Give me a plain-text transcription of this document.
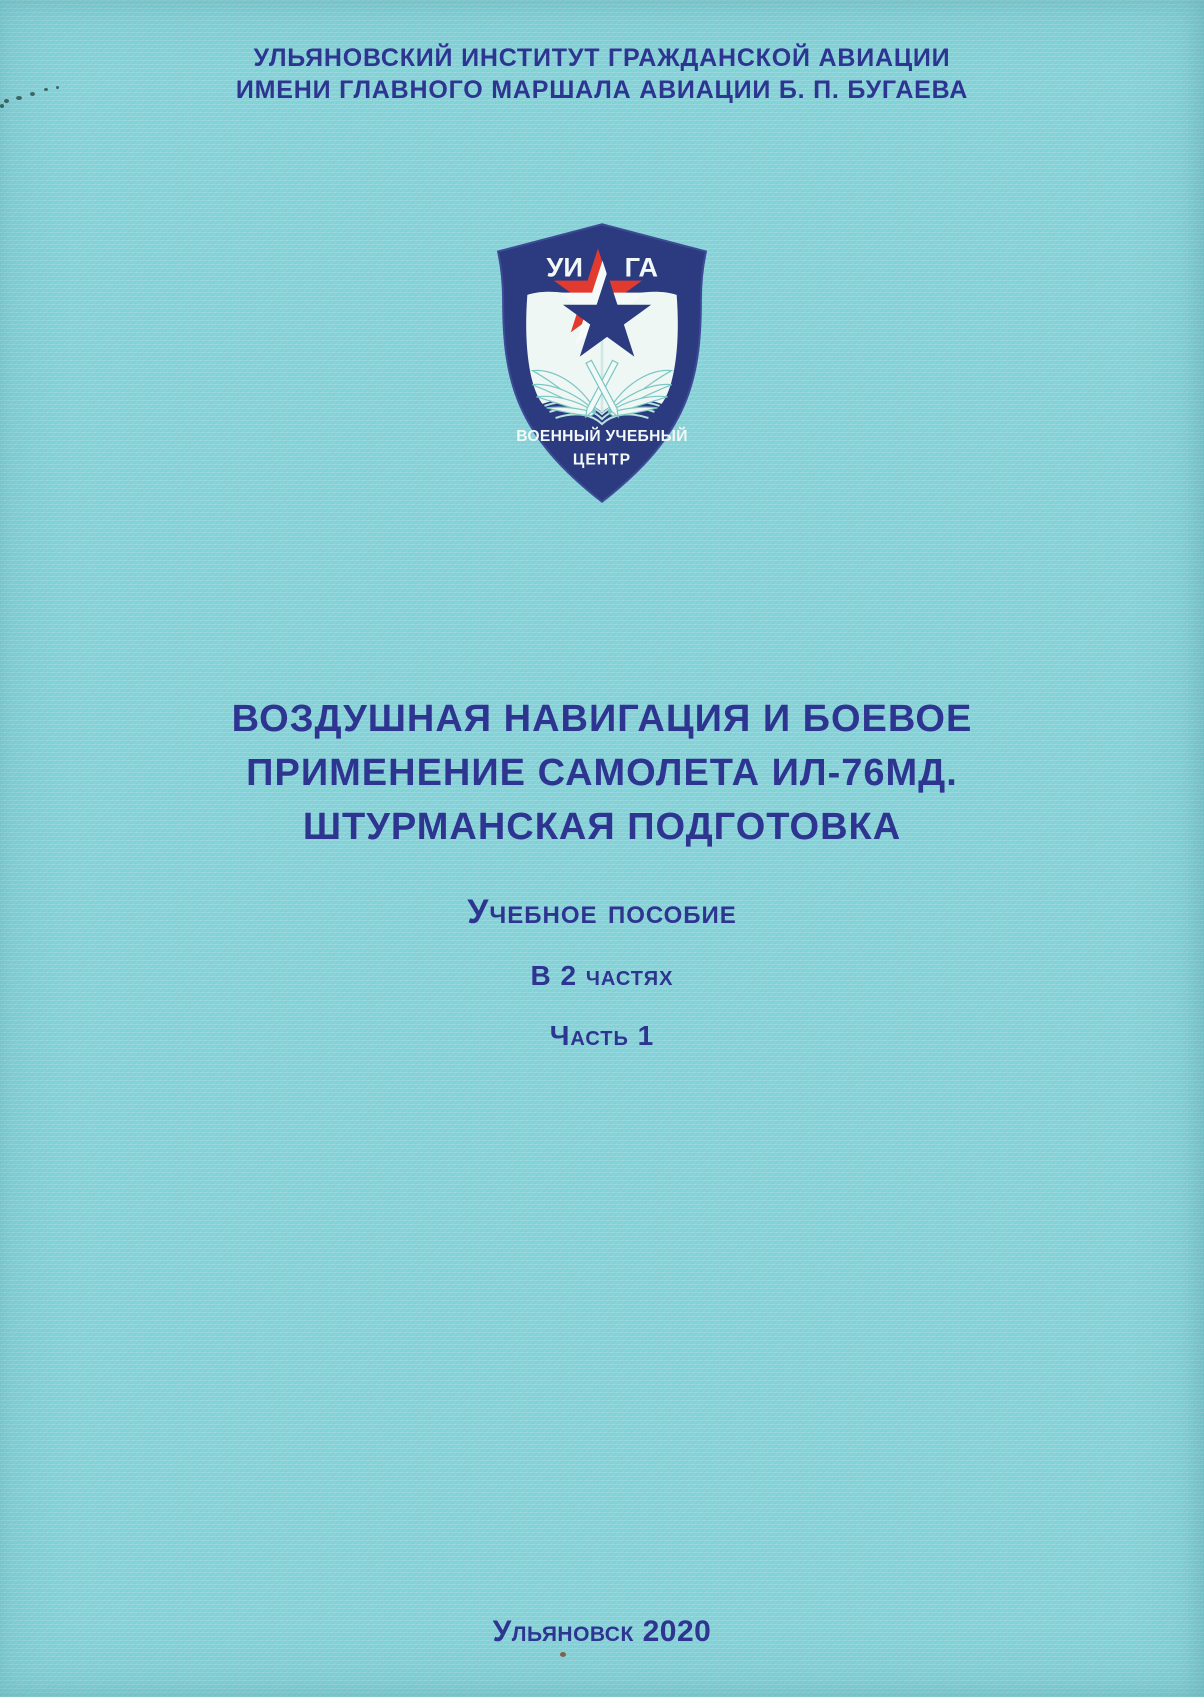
УЛЬЯНОВСКИЙ ИНСТИТУТ ГРАЖДАНСКОЙ АВИАЦИИ
ИМЕНИ ГЛАВНОГО МАРШАЛА АВИАЦИИ Б. П. БУГАЕВА
УИ ГА
ВОЕННЫЙ УЧЕБНЫЙ
ЦЕНТР
ВОЗДУШНАЯ НАВИГАЦИЯ И БОЕВОЕ
ПРИМЕНЕНИЕ САМОЛЕТА ИЛ-76МД.
ШТУРМАНСКАЯ ПОДГОТОВКА
Учебное пособие
В 2 частях
Часть 1
Ульяновск 2020
